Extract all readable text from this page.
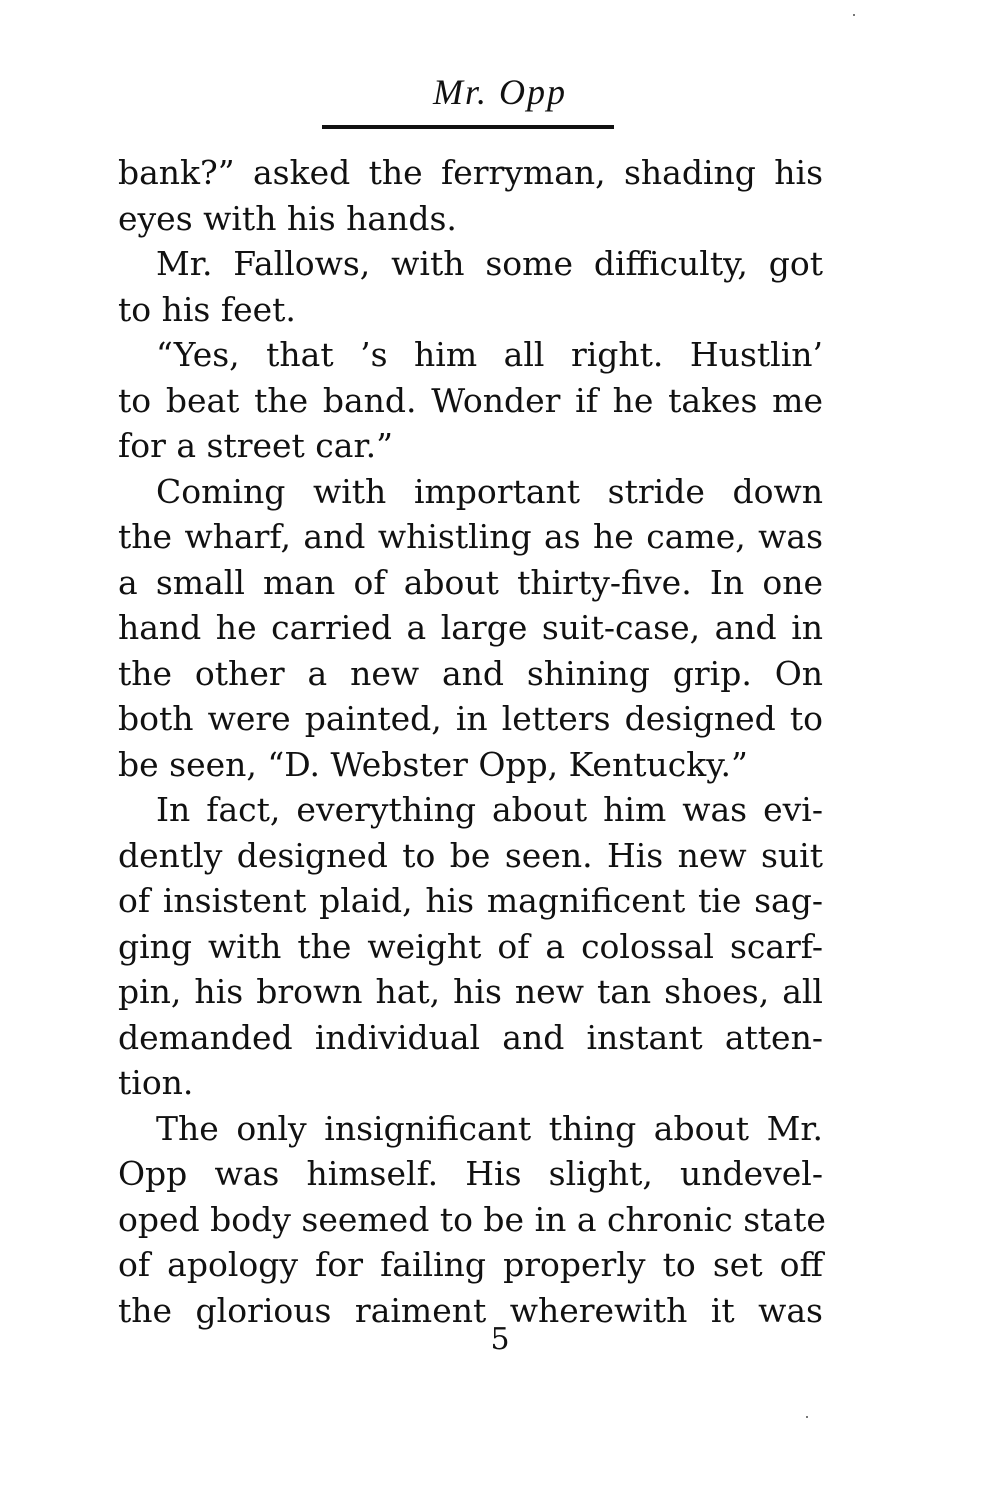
Mr. Opp
bank?” asked the ferryman, shading his
eyes with his hands.
Mr. Fallows, with some difficulty, got
to his feet.
“Yes, that ’s him all right. Hustlin’
to beat the band. Wonder if he takes me
for a street car.”
Coming with important stride down
the wharf, and whistling as he came, was
a small man of about thirty-five. In one
hand he carried a large suit-case, and in
the other a new and shining grip. On
both were painted, in letters designed to
be seen, “D. Webster Opp, Kentucky.”
In fact, everything about him was evi-
dently designed to be seen. His new suit
of insistent plaid, his magnificent tie sag-
ging with the weight of a colossal scarf-
pin, his brown hat, his new tan shoes, all
demanded individual and instant atten-
tion.
The only insignificant thing about Mr.
Opp was himself. His slight, undevel-
oped body seemed to be in a chronic state
of apology for failing properly to set off
the glorious raiment wherewith it was
5
